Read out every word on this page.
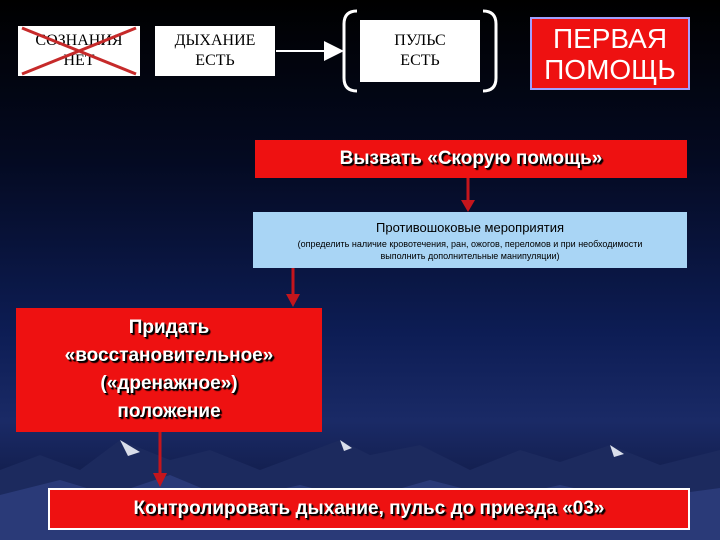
СОЗНАНИЯ
НЕТ
ДЫХАНИЕ
ЕСТЬ
ПУЛЬС
ЕСТЬ
ПЕРВАЯ
ПОМОЩЬ
Вызвать «Скорую помощь»
Противошоковые мероприятия
(определить наличие кровотечения, ран, ожогов, переломов и при необходимости выполнить дополнительные манипуляции)
Придать
«восстановительное»
(«дренажное»)
положение
Контролировать дыхание, пульс до приезда «03»
